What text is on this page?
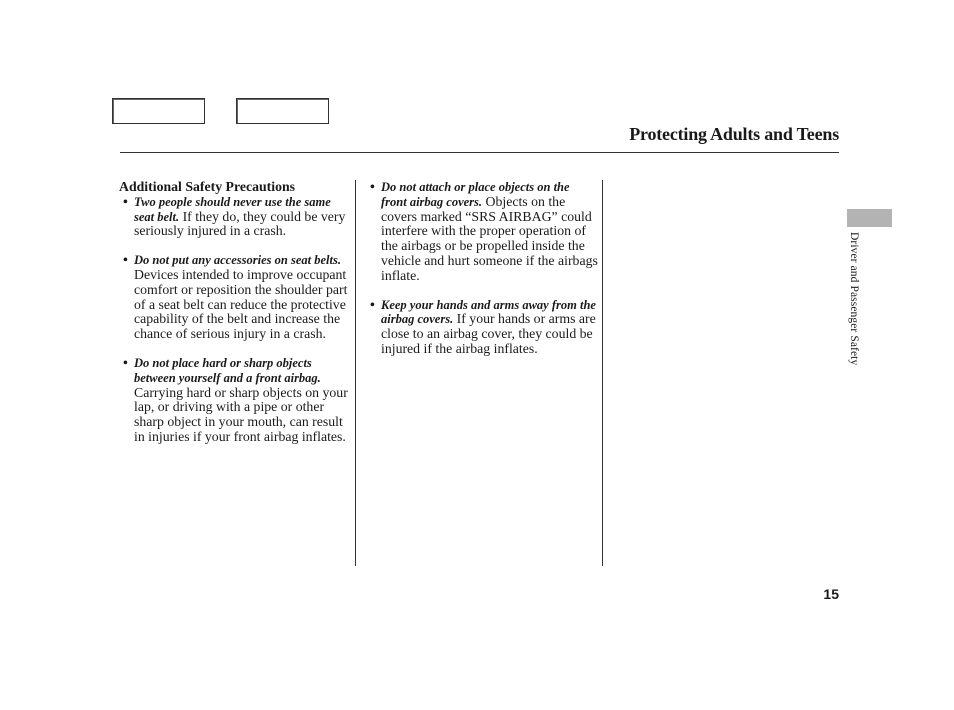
Protecting Adults and Teens

Additional Safety Precautions

• Two people should never use the same seat belt. If they do, they could be very seriously injured in a crash.

• Do not put any accessories on seat belts. Devices intended to improve occupant comfort or reposition the shoulder part of a seat belt can reduce the protective capability of the belt and increase the chance of serious injury in a crash.

• Do not place hard or sharp objects between yourself and a front airbag. Carrying hard or sharp objects on your lap, or driving with a pipe or other sharp object in your mouth, can result in injuries if your front airbag inflates.

• Do not attach or place objects on the front airbag covers. Objects on the covers marked “SRS AIRBAG” could interfere with the proper operation of the airbags or be propelled inside the vehicle and hurt someone if the airbags inflate.

• Keep your hands and arms away from the airbag covers. If your hands or arms are close to an airbag cover, they could be injured if the airbag inflates.	Driver and Passenger Safety
15
